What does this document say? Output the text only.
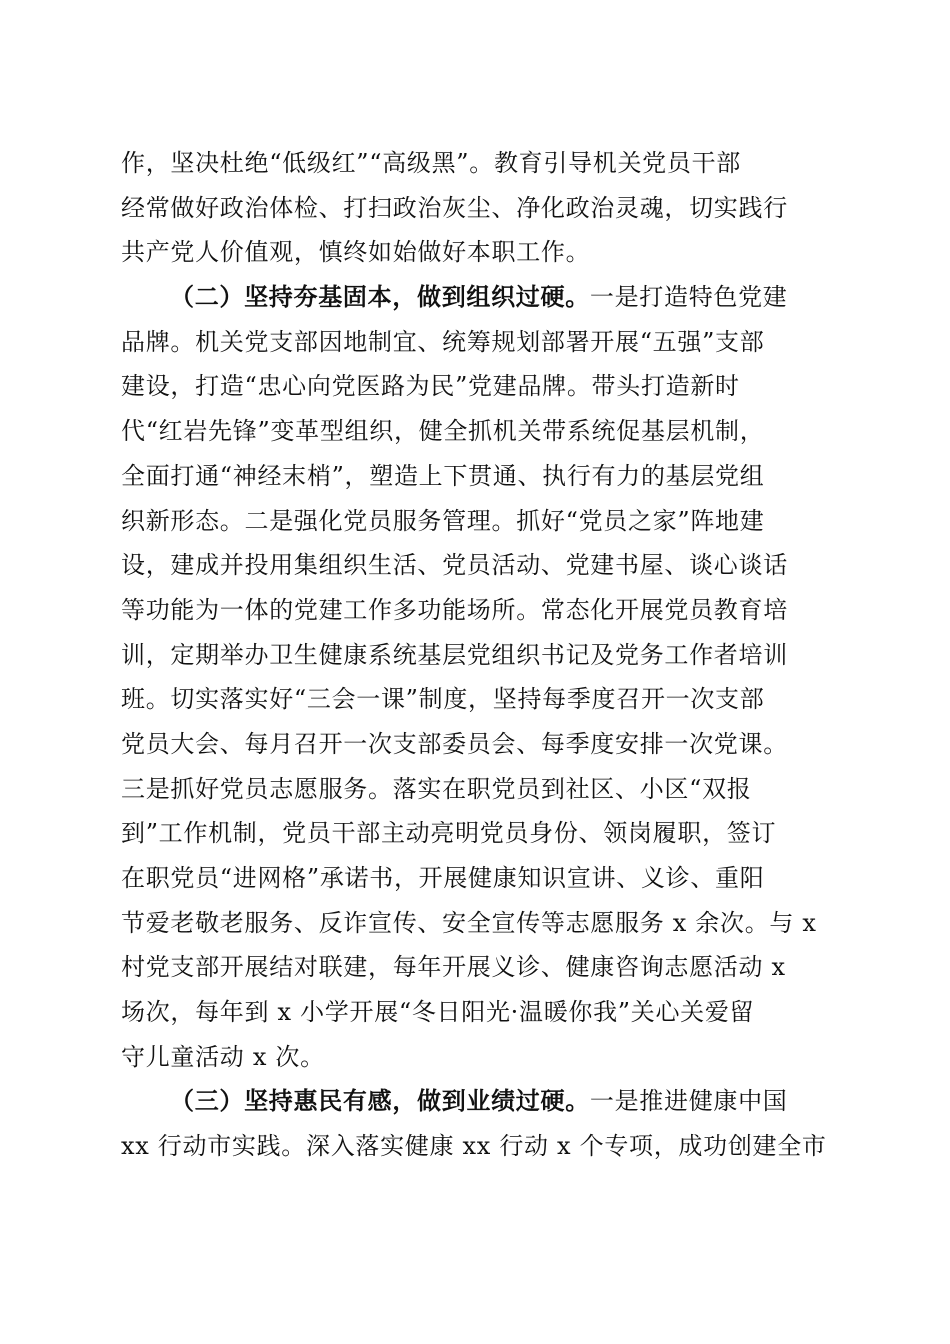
作，坚决杜绝“低级红”“高级黑”。教育引导机关党员干部
经常做好政治体检、打扫政治灰尘、净化政治灵魂，切实践行
共产党人价值观，慎终如始做好本职工作。
（二）坚持夯基固本，做到组织过硬。一是打造特色党建
品牌。机关党支部因地制宜、统筹规划部署开展“五强”支部
建设，打造“忠心向党医路为民”党建品牌。带头打造新时
代“红岩先锋”变革型组织，健全抓机关带系统促基层机制，
全面打通“神经末梢”，塑造上下贯通、执行有力的基层党组
织新形态。二是强化党员服务管理。抓好“党员之家”阵地建
设，建成并投用集组织生活、党员活动、党建书屋、谈心谈话
等功能为一体的党建工作多功能场所。常态化开展党员教育培
训，定期举办卫生健康系统基层党组织书记及党务工作者培训
班。切实落实好“三会一课”制度，坚持每季度召开一次支部
党员大会、每月召开一次支部委员会、每季度安排一次党课。
三是抓好党员志愿服务。落实在职党员到社区、小区“双报
到”工作机制，党员干部主动亮明党员身份、领岗履职，签订
在职党员“进网格”承诺书，开展健康知识宣讲、义诊、重阳
节爱老敬老服务、反诈宣传、安全宣传等志愿服务 x 余次。与 x
村党支部开展结对联建，每年开展义诊、健康咨询志愿活动 x
场次，每年到 x 小学开展“冬日阳光·温暖你我”关心关爱留
守儿童活动 x 次。
（三）坚持惠民有感，做到业绩过硬。一是推进健康中国
xx 行动市实践。深入落实健康 xx 行动 x 个专项，成功创建全市
